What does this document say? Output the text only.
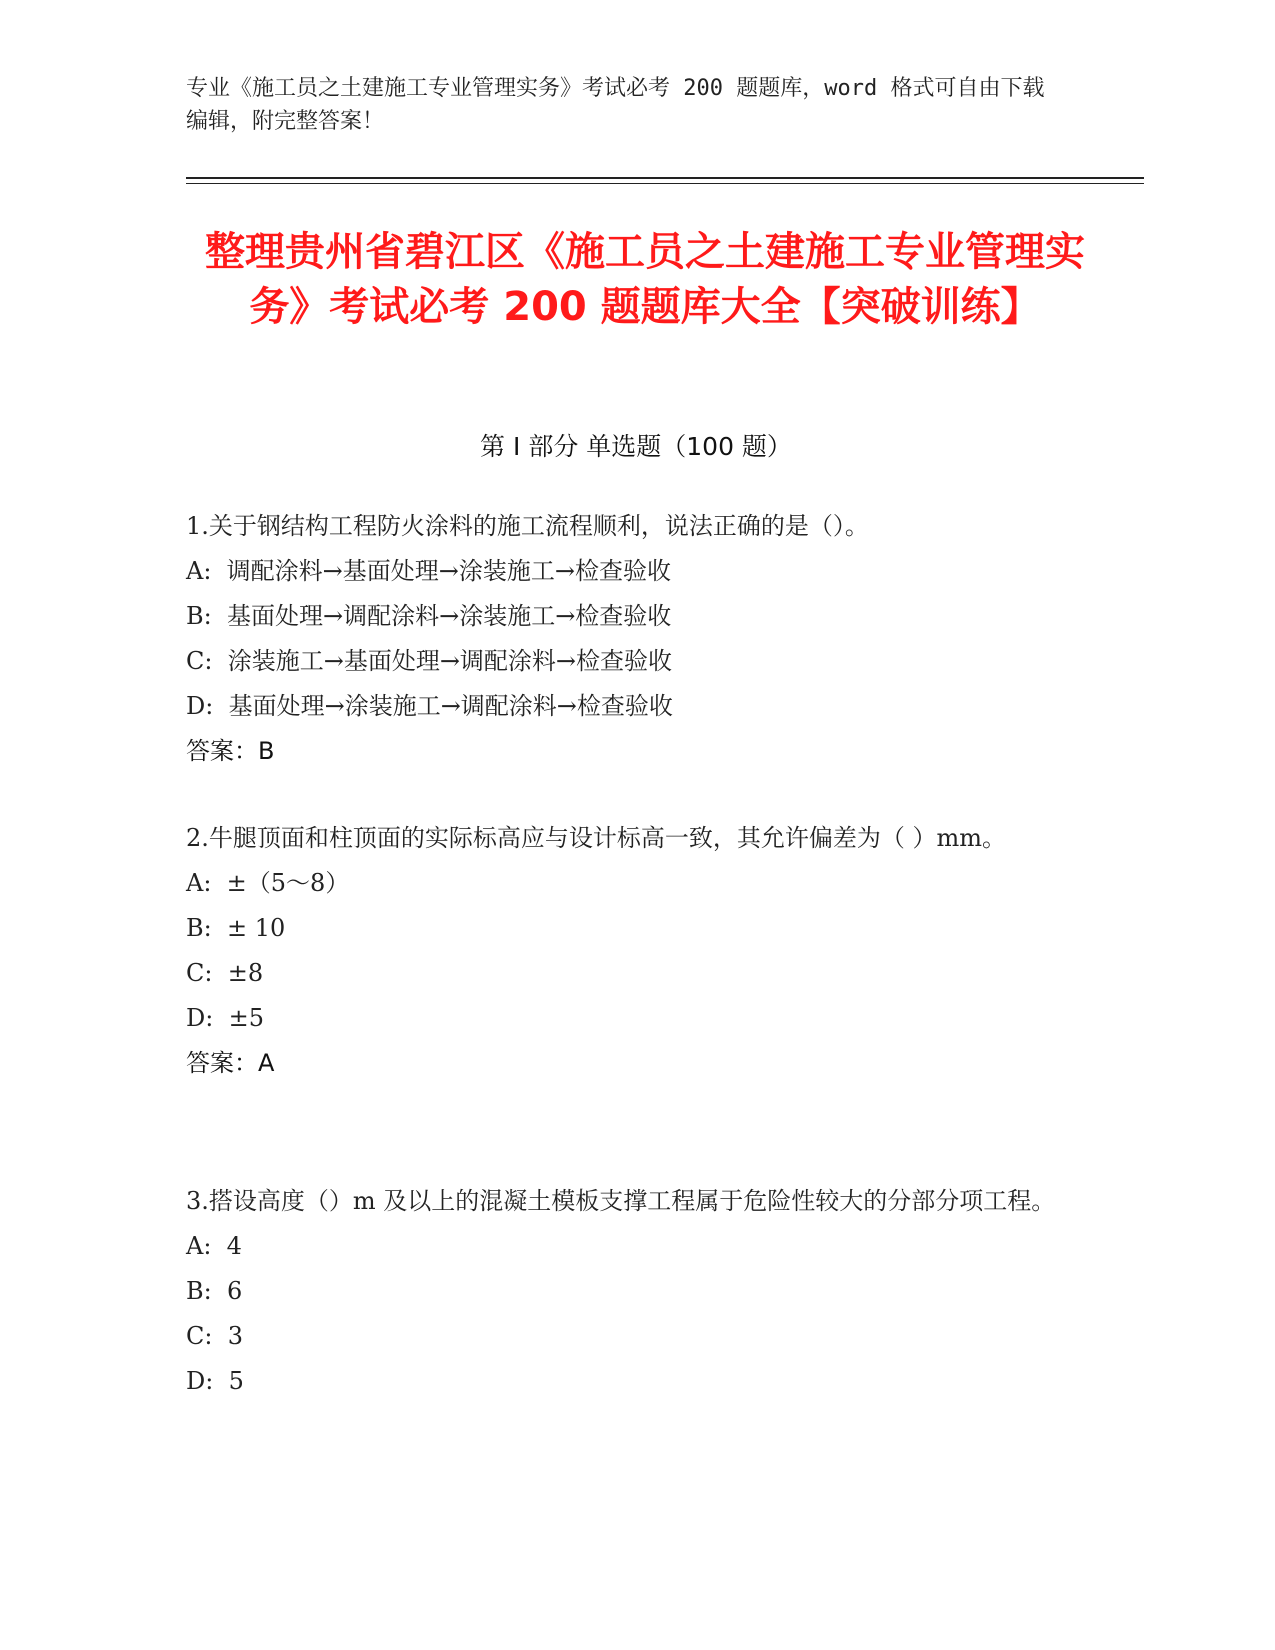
专业《施工员之土建施工专业管理实务》考试必考 200 题题库，word 格式可自由下载编辑，附完整答案！
整理贵州省碧江区《施工员之土建施工专业管理实务》考试必考 200 题题库大全【突破训练】
第 I 部分 单选题（100 题）

1.关于钢结构工程防火涂料的施工流程顺利，说法正确的是（）。

A:  调配涂料→基面处理→涂装施工→检查验收

B:  基面处理→调配涂料→涂装施工→检查验收

C:  涂装施工→基面处理→调配涂料→检查验收

D:  基面处理→涂装施工→调配涂料→检查验收

答案：B

2.牛腿顶面和柱顶面的实际标高应与设计标高一致，其允许偏差为（ ）mm。

A:  ±（5～8）

B:  ± 10

C:  ±8

D:  ±5

答案：A

3.搭设高度（）m 及以上的混凝土模板支撑工程属于危险性较大的分部分项工程。

A:  4

B:  6

C:  3

D:  5
